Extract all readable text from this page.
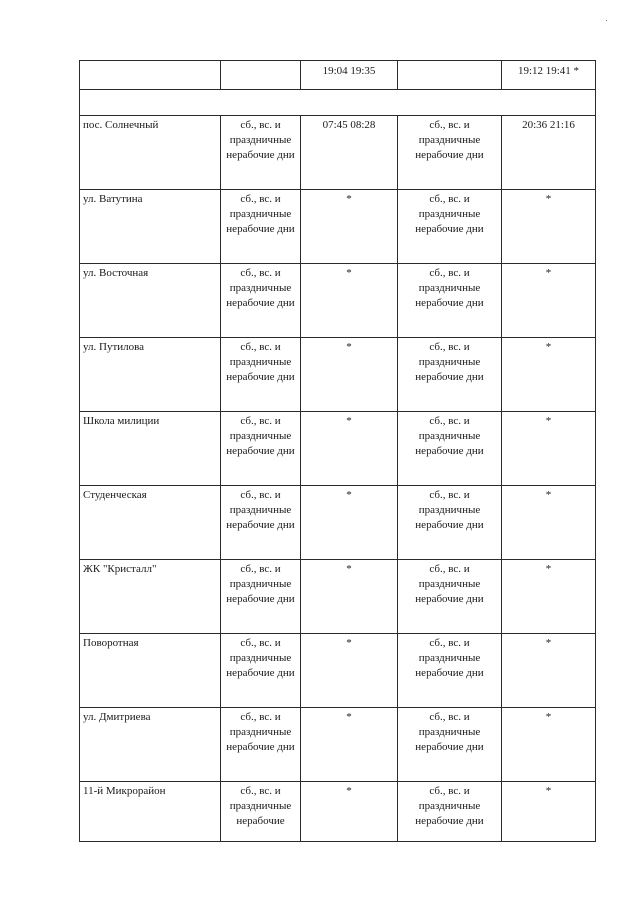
		19:04 19:35		19:12 19:41 *

пос. Солнечный	сб., вс. и праздничные нерабочие дни	07:45 08:28	сб., вс. и праздничные нерабочие дни	20:36 21:16
ул. Ватутина	сб., вс. и праздничные нерабочие дни	*	сб., вс. и праздничные нерабочие дни	*
ул. Восточная	сб., вс. и праздничные нерабочие дни	*	сб., вс. и праздничные нерабочие дни	*
ул. Путилова	сб., вс. и праздничные нерабочие дни	*	сб., вс. и праздничные нерабочие дни	*
Школа милиции	сб., вс. и праздничные нерабочие дни	*	сб., вс. и праздничные нерабочие дни	*
Студенческая	сб., вс. и праздничные нерабочие дни	*	сб., вс. и праздничные нерабочие дни	*
ЖК "Кристалл"	сб., вс. и праздничные нерабочие дни	*	сб., вс. и праздничные нерабочие дни	*
Поворотная	сб., вс. и праздничные нерабочие дни	*	сб., вс. и праздничные нерабочие дни	*
ул. Дмитриева	сб., вс. и праздничные нерабочие дни	*	сб., вс. и праздничные нерабочие дни	*
11-й Микрорайон	сб., вс. и праздничные нерабочие	*	сб., вс. и праздничные нерабочие дни	*
